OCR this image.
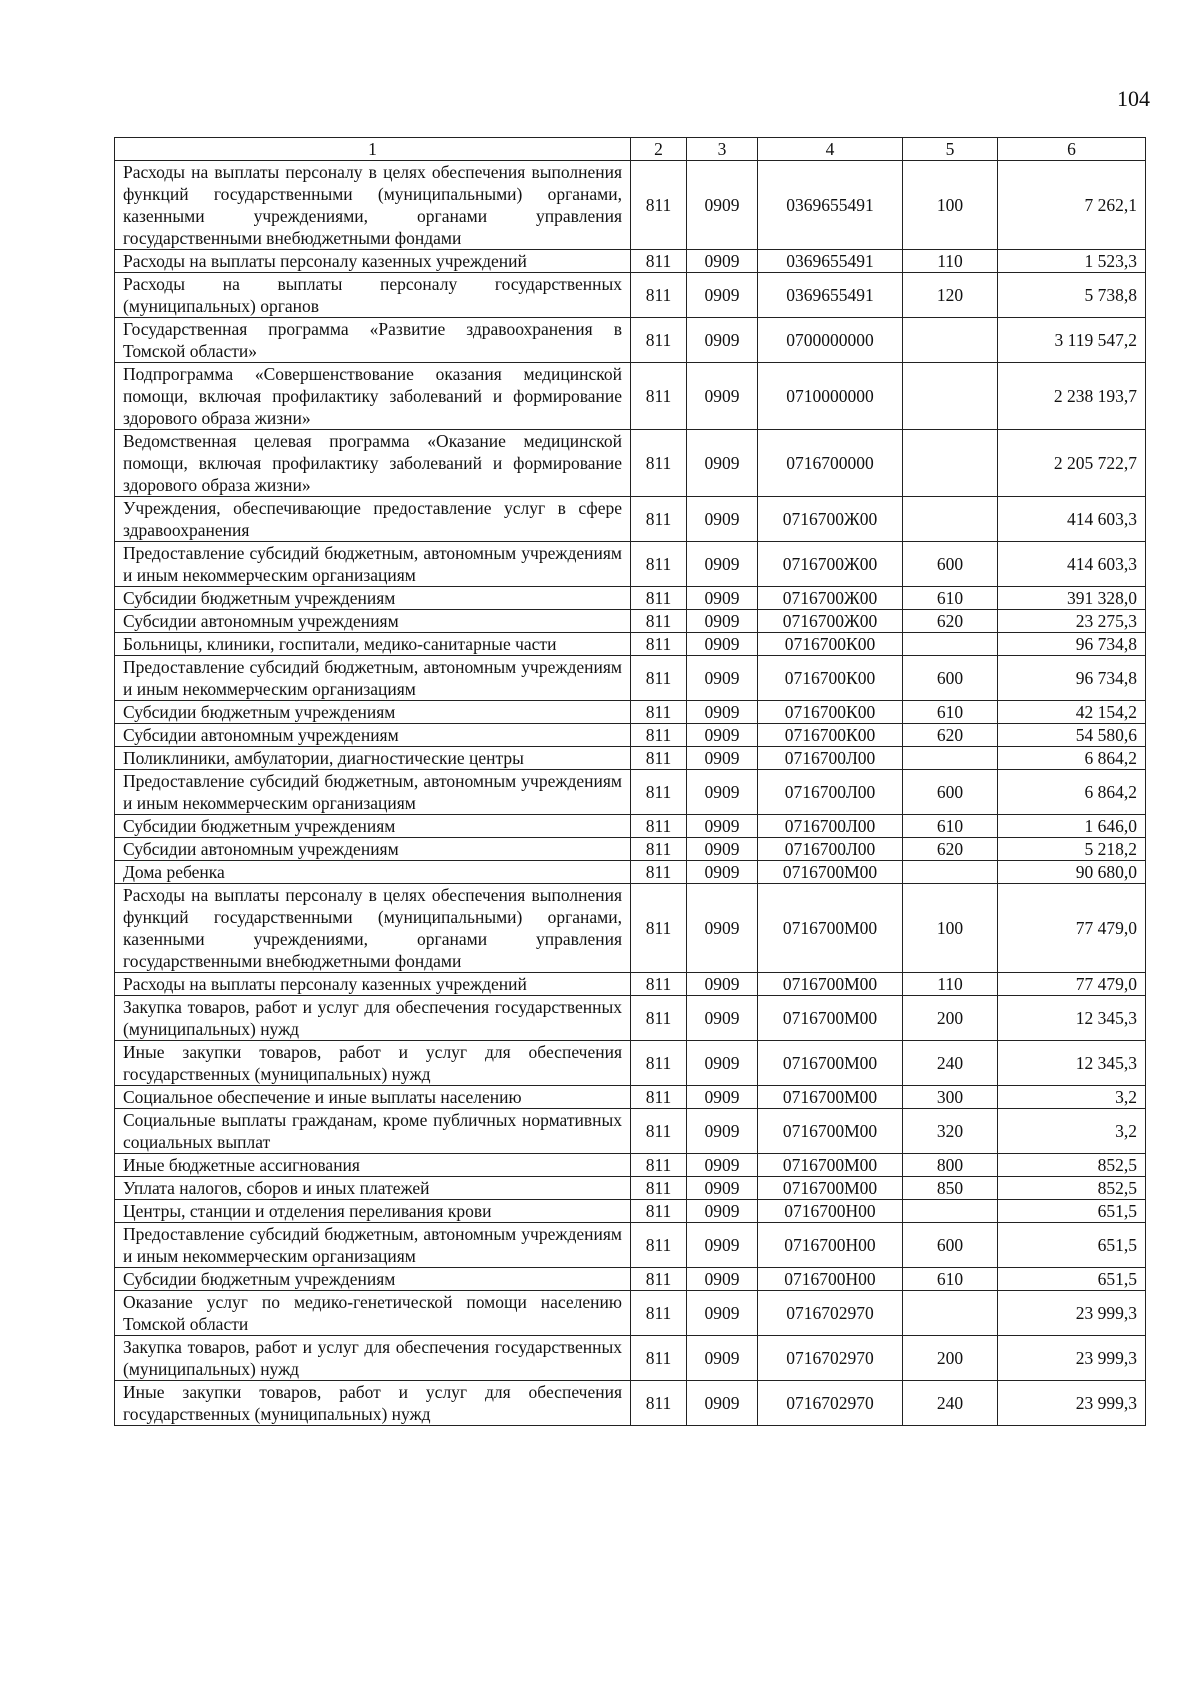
104
1	2	3	4	5	6
Расходы на выплаты персоналу в целях обеспечения выполнения функций государственными (муниципальными) органами, казенными учреждениями, органами управления государственными внебюджетными фондами	811	0909	0369655491	100	7 262,1
Расходы на выплаты персоналу казенных учреждений	811	0909	0369655491	110	1 523,3
Расходы на выплаты персоналу государственных (муниципальных) органов	811	0909	0369655491	120	5 738,8
Государственная программа «Развитие здравоохранения в Томской области»	811	0909	0700000000		3 119 547,2
Подпрограмма «Совершенствование оказания медицинской помощи, включая профилактику заболеваний и формирование здорового образа жизни»	811	0909	0710000000		2 238 193,7
Ведомственная целевая программа «Оказание медицинской помощи, включая профилактику заболеваний и формирование здорового образа жизни»	811	0909	0716700000		2 205 722,7
Учреждения, обеспечивающие предоставление услуг в сфере здравоохранения	811	0909	0716700Ж00		414 603,3
Предоставление субсидий бюджетным, автономным учреждениям и иным некоммерческим организациям	811	0909	0716700Ж00	600	414 603,3
Субсидии бюджетным учреждениям	811	0909	0716700Ж00	610	391 328,0
Субсидии автономным учреждениям	811	0909	0716700Ж00	620	23 275,3
Больницы, клиники, госпитали, медико-санитарные части	811	0909	0716700К00		96 734,8
Предоставление субсидий бюджетным, автономным учреждениям и иным некоммерческим организациям	811	0909	0716700К00	600	96 734,8
Субсидии бюджетным учреждениям	811	0909	0716700К00	610	42 154,2
Субсидии автономным учреждениям	811	0909	0716700К00	620	54 580,6
Поликлиники, амбулатории, диагностические центры	811	0909	0716700Л00		6 864,2
Предоставление субсидий бюджетным, автономным учреждениям и иным некоммерческим организациям	811	0909	0716700Л00	600	6 864,2
Субсидии бюджетным учреждениям	811	0909	0716700Л00	610	1 646,0
Субсидии автономным учреждениям	811	0909	0716700Л00	620	5 218,2
Дома ребенка	811	0909	0716700М00		90 680,0
Расходы на выплаты персоналу в целях обеспечения выполнения функций государственными (муниципальными) органами, казенными учреждениями, органами управления государственными внебюджетными фондами	811	0909	0716700М00	100	77 479,0
Расходы на выплаты персоналу казенных учреждений	811	0909	0716700М00	110	77 479,0
Закупка товаров, работ и услуг для обеспечения государственных (муниципальных) нужд	811	0909	0716700М00	200	12 345,3
Иные закупки товаров, работ и услуг для обеспечения государственных (муниципальных) нужд	811	0909	0716700М00	240	12 345,3
Социальное обеспечение и иные выплаты населению	811	0909	0716700М00	300	3,2
Социальные выплаты гражданам, кроме публичных нормативных социальных выплат	811	0909	0716700М00	320	3,2
Иные бюджетные ассигнования	811	0909	0716700М00	800	852,5
Уплата налогов, сборов и иных платежей	811	0909	0716700М00	850	852,5
Центры, станции и отделения переливания крови	811	0909	0716700Н00		651,5
Предоставление субсидий бюджетным, автономным учреждениям и иным некоммерческим организациям	811	0909	0716700Н00	600	651,5
Субсидии бюджетным учреждениям	811	0909	0716700Н00	610	651,5
Оказание услуг по медико-генетической помощи населению Томской области	811	0909	0716702970		23 999,3
Закупка товаров, работ и услуг для обеспечения государственных (муниципальных) нужд	811	0909	0716702970	200	23 999,3
Иные закупки товаров, работ и услуг для обеспечения государственных (муниципальных) нужд	811	0909	0716702970	240	23 999,3
